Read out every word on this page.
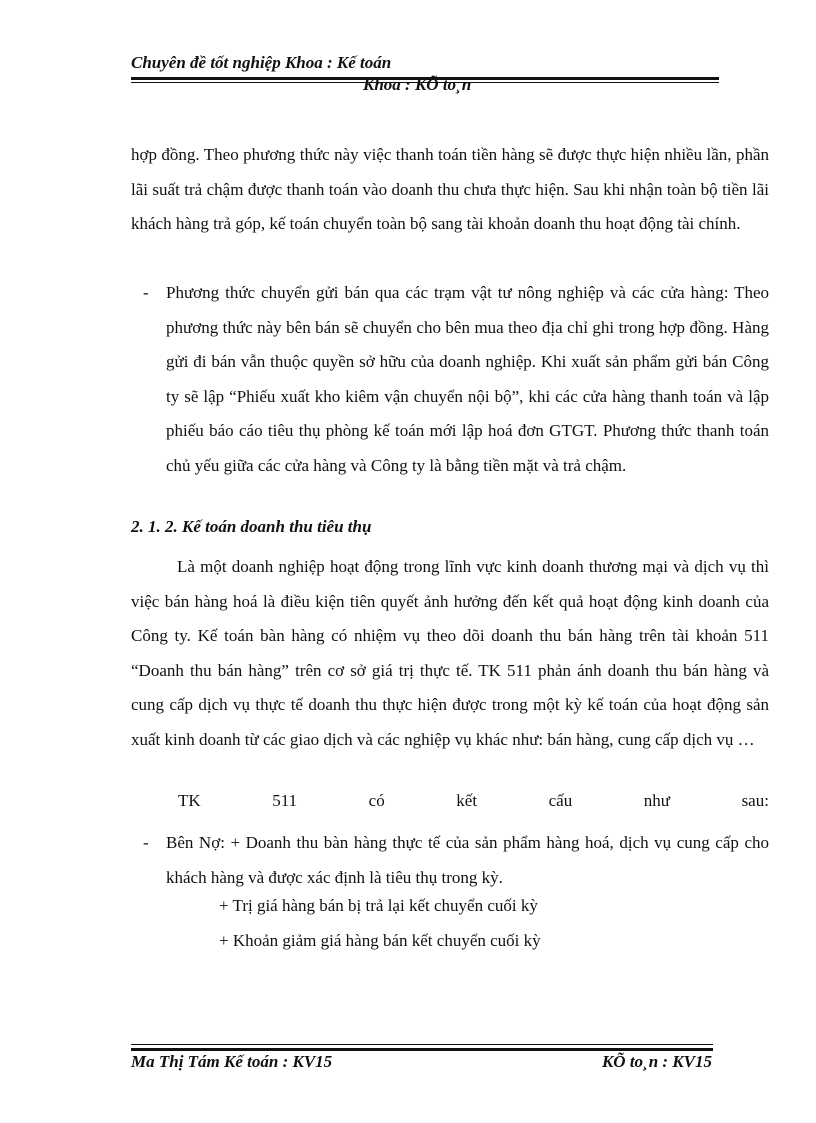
Chuyên đề tốt nghiệp Khoa : Kế toán
Khoa : KÕ to¸n
hợp đồng. Theo phương thức này việc thanh toán tiền hàng sẽ được thực hiện nhiều lần, phần lãi suất trả chậm được thanh toán vào doanh thu chưa thực hiện. Sau khi nhận toàn bộ tiền lãi khách hàng trả góp, kế toán chuyển toàn bộ sang tài khoản doanh thu hoạt động tài chính.
- Phương thức chuyển gửi bán qua các trạm vật tư nông nghiệp và các cửa hàng: Theo phương thức này bên bán sẽ chuyển cho bên mua theo địa chỉ ghi trong hợp đồng. Hàng gửi đi bán vẫn thuộc quyền sở hữu của doanh nghiệp. Khi xuất sản phẩm gửi bán Công ty sẽ lập “Phiếu xuất kho kiêm vận chuyển nội bộ”, khi các cửa hàng thanh toán và lập phiếu báo cáo tiêu thụ phòng kế toán mới lập hoá đơn GTGT. Phương thức thanh toán chủ yếu giữa các cửa hàng và Công ty là bằng tiền mặt và trả chậm.
2. 1. 2. Kế toán doanh thu tiêu thụ
Là một doanh nghiệp hoạt động trong lĩnh vực kinh doanh thương mại và dịch vụ thì việc bán hàng hoá là điều kiện tiên quyết ảnh hưởng đến kết quả hoạt động kinh doanh của Công ty. Kế toán bàn hàng có nhiệm vụ theo dõi doanh thu bán hàng trên tài khoản 511 “Doanh thu bán hàng” trên cơ sở giá trị thực tế. TK 511 phản ánh doanh thu bán hàng và cung cấp dịch vụ thực tế doanh thu thực hiện được trong một kỳ kế toán của hoạt động sản xuất kinh doanh từ các giao dịch và các nghiệp vụ khác như: bán hàng, cung cấp dịch vụ …
TK	511	có	kết	cấu	như	sau:
- Bên Nợ: + Doanh thu bàn hàng thực tế của sản phẩm hàng hoá, dịch vụ cung cấp cho khách hàng và được xác định là tiêu thụ trong kỳ.
+ Trị giá hàng bán bị trả lại kết chuyển cuối kỳ
+ Khoản giảm giá hàng bán kết chuyển cuối kỳ
Ma Thị Tám Kế toán : KV15	KÕ to¸n : KV15
